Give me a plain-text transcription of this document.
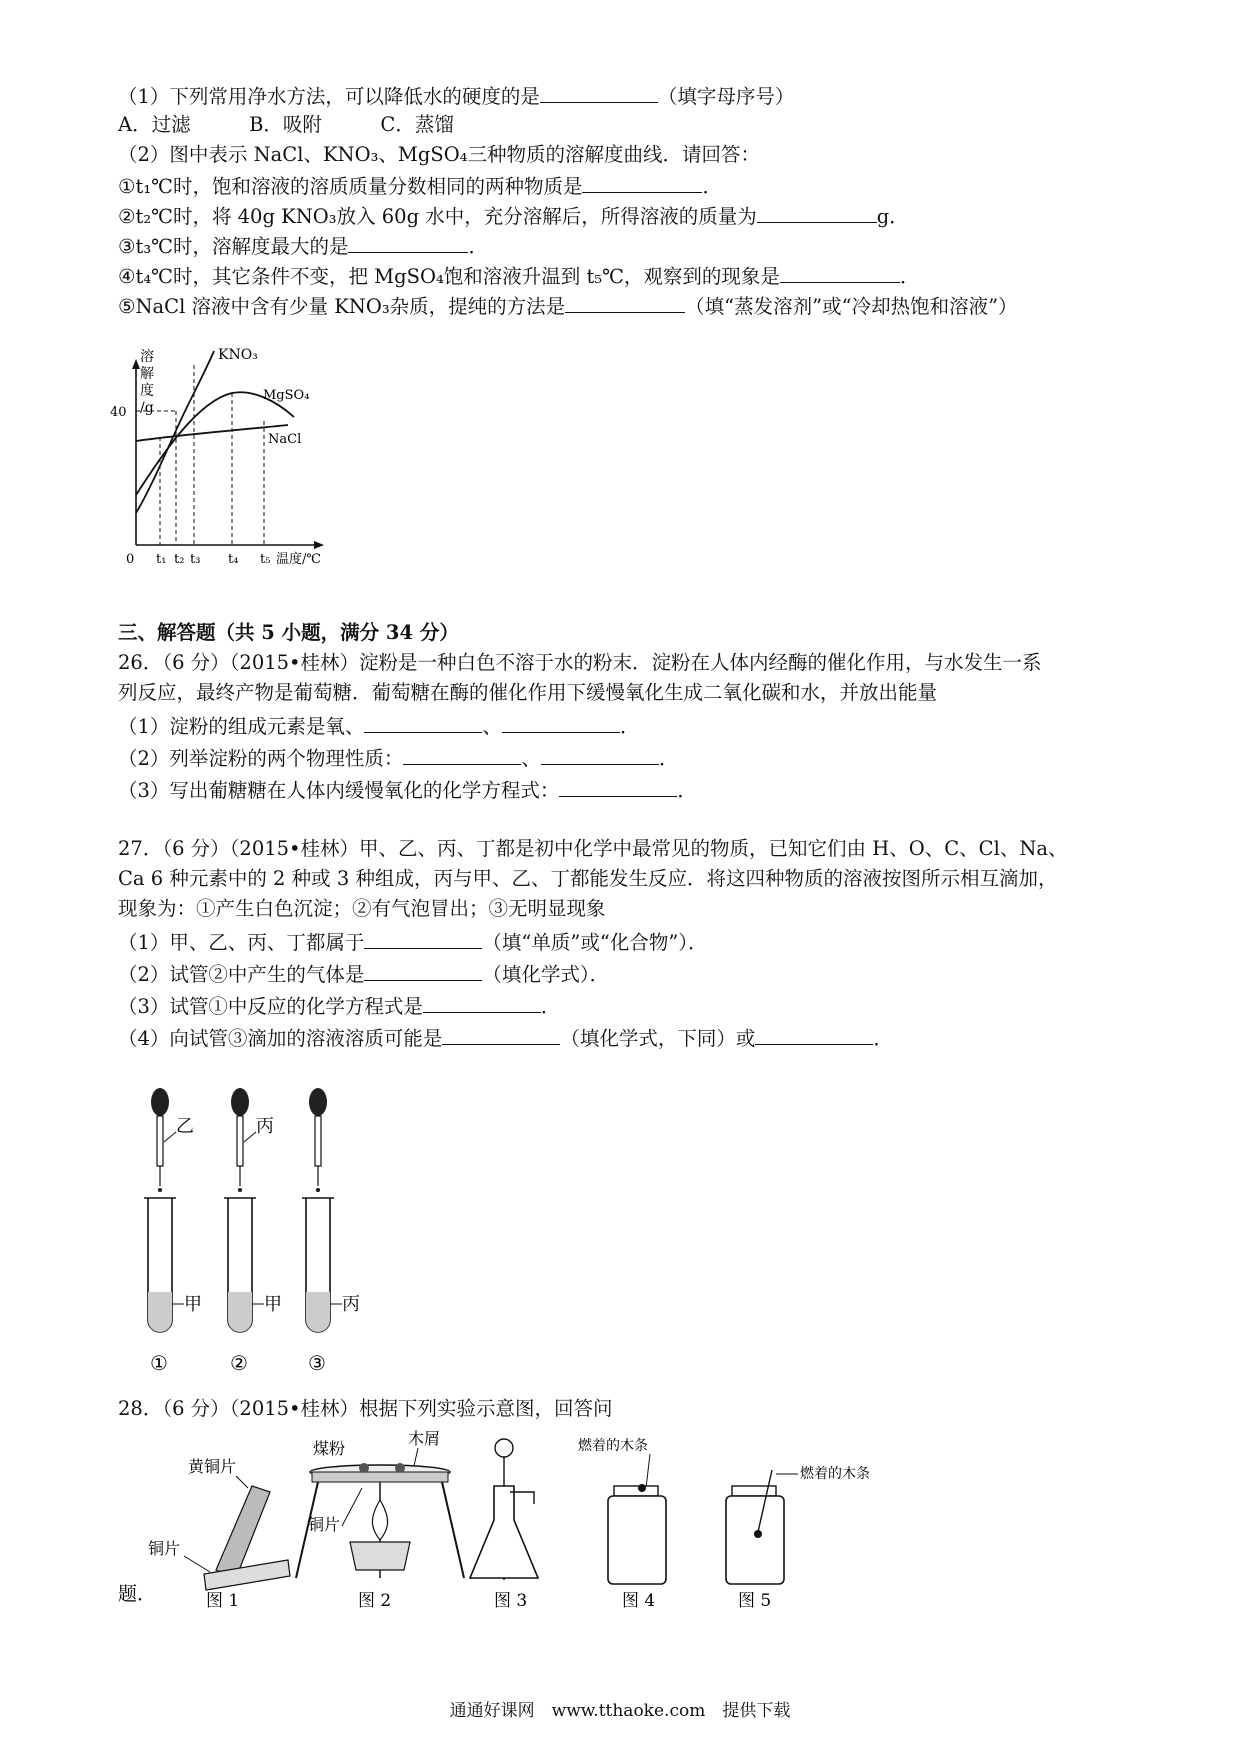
（1）下列常用净水方法，可以降低水的硬度的是	（填字母序号）
A．过滤　　　B．吸附　　　C．蒸馏
（2）图中表示 NaCl、KNO₃、MgSO₄三种物质的溶解度曲线．请回答：
①t₁℃时，饱和溶液的溶质质量分数相同的两种物质是	．
②t₂℃时，将 40g KNO₃放入 60g 水中，充分溶解后，所得溶液的质量为	g．
③t₃℃时，溶解度最大的是	．
④t₄℃时，其它条件不变，把 MgSO₄饱和溶液升温到 t₅℃，观察到的现象是	．
⑤NaCl 溶液中含有少量 KNO₃杂质，提纯的方法是	（填“蒸发溶剂”或“冷却热饱和溶液”）
溶
解
度
/g
KNO₃
MgSO₄
NaCl
40
0 t₁ t₂ t₃ t₄ t₅ 温度/℃
三、解答题（共 5 小题，满分 34 分）
26．（6 分）（2015•桂林）淀粉是一种白色不溶于水的粉末．淀粉在人体内经酶的催化作用，与水发生一系
列反应，最终产物是葡萄糖．葡萄糖在酶的催化作用下缓慢氧化生成二氧化碳和水，并放出能量
（1）淀粉的组成元素是氧、	、	．
（2）列举淀粉的两个物理性质：	、	．
（3）写出葡糖糖在人体内缓慢氧化的化学方程式：	．
27．（6 分）（2015•桂林）甲、乙、丙、丁都是初中化学中最常见的物质，已知它们由 H、O、C、Cl、Na、
Ca 6 种元素中的 2 种或 3 种组成，丙与甲、乙、丁都能发生反应．将这四种物质的溶液按图所示相互滴加，
现象为：①产生白色沉淀；②有气泡冒出；③无明显现象
（1）甲、乙、丙、丁都属于	（填“单质”或“化合物”）．
（2）试管②中产生的气体是	（填化学式）．
（3）试管①中反应的化学方程式是	．
（4）向试管③滴加的溶液溶质可能是	（填化学式，下同）或	．
乙
甲
①
丙
甲
②
丙
③
28．（6 分）（2015•桂林）根据下列实验示意图，回答问
题．
黄铜片
铜片
图 1
煤粉
木屑
铜片
图 2	图 3
燃着的木条
图 4
燃着的木条
图 5
通通好课网　www.tthaoke.com　提供下载
